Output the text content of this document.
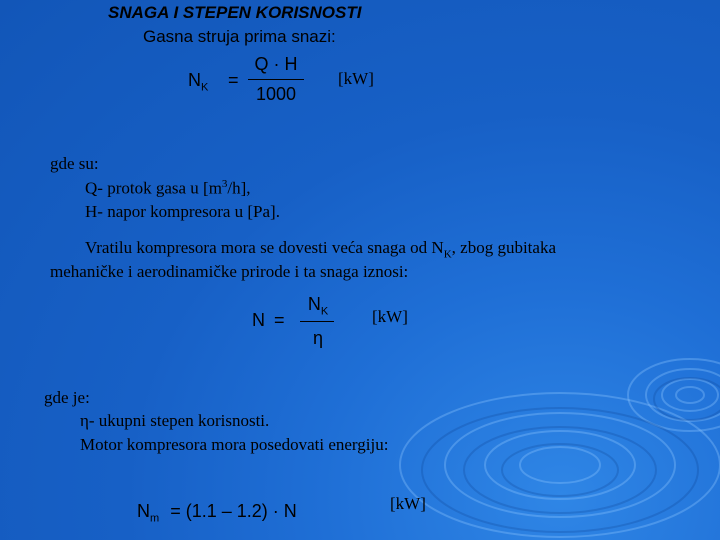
SNAGA I STEPEN KORISNOSTI
Gasna struja prima snazi:
$N_K$ =
Q · H
1000
[kW]
gde su:
Q- protok gasa u $[m^3/h]$,
H- napor kompresora u [Pa].
Vratilu kompresora mora se dovesti veća snaga od $N_K$, zbog gubitaka
mehaničke i aerodinamičke prirode i ta snaga iznosi:
N =
$N_K$
η
[kW]
gde je:
η- ukupni stepen korisnosti.
Motor kompresora mora posedovati energiju:
$N_m = (1.1 - 1.2) \cdot N$	[kW]
